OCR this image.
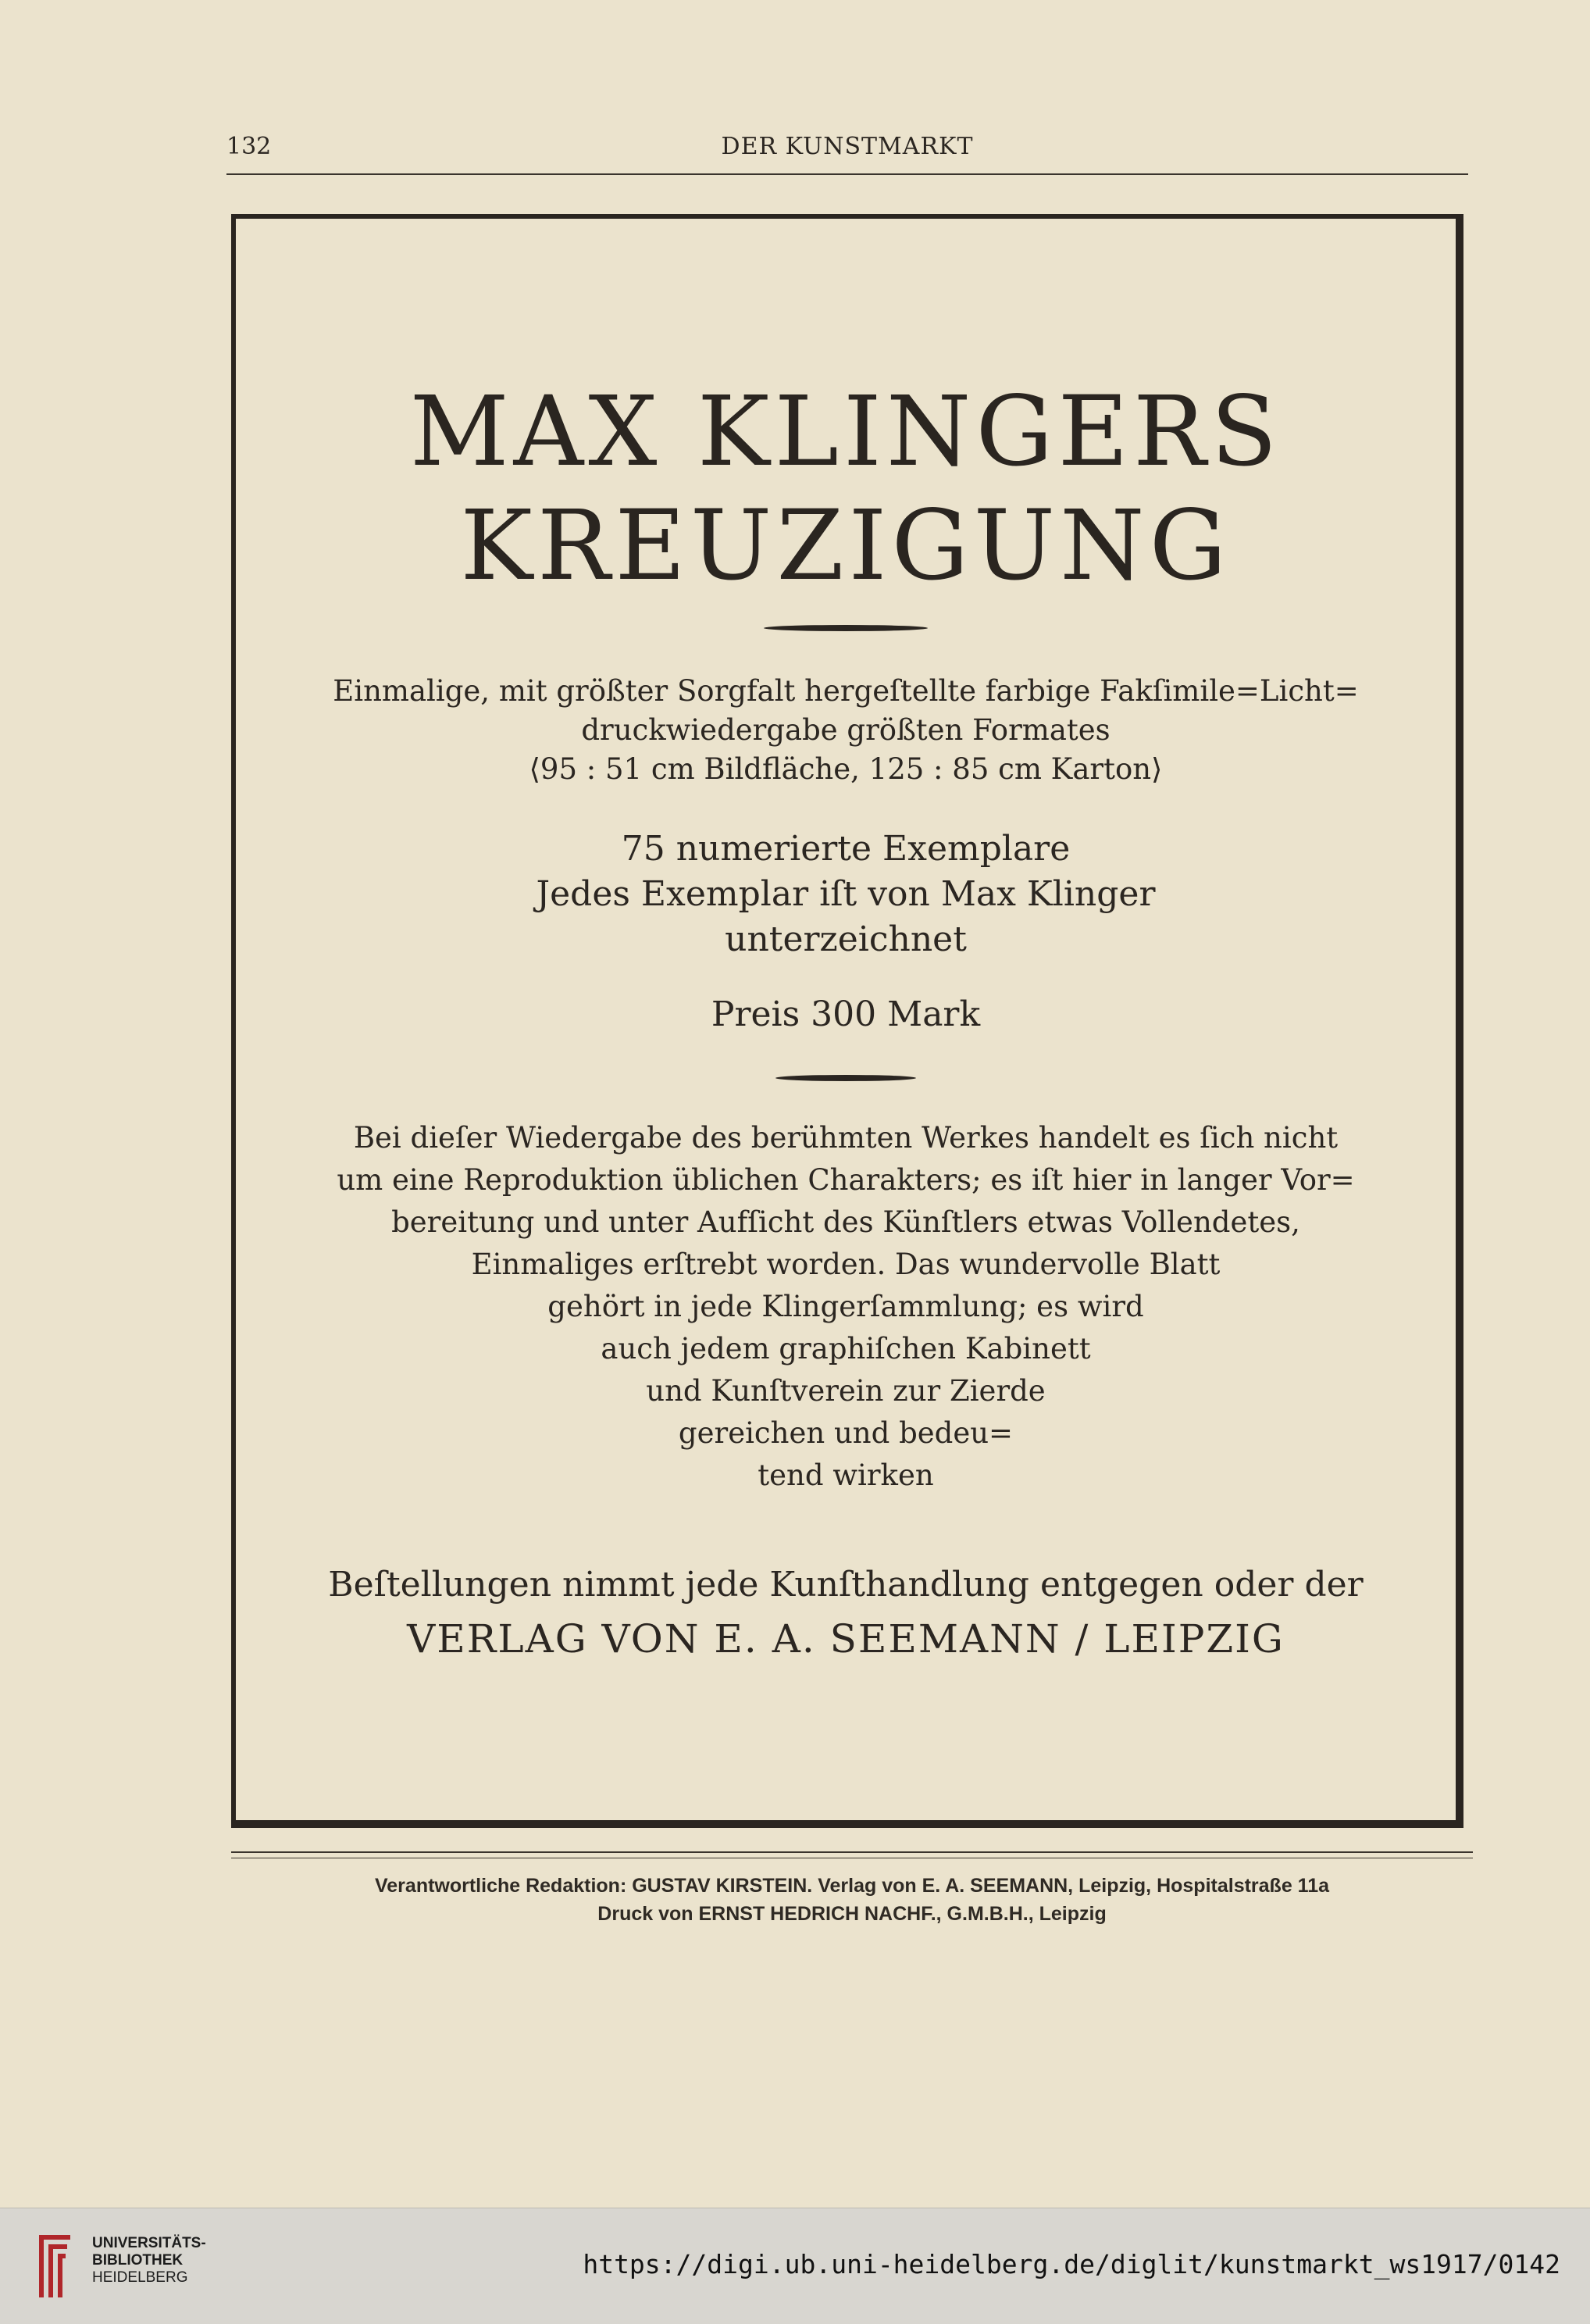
132	DER KUNSTMARKT
MAX KLINGERS
KREUZIGUNG
Einmalige, mit größter Sorgfalt hergeſtellte farbige Fakſimile=Licht=
druckwiedergabe größten Formates
⟨95 : 51 cm Bildfläche, 125 : 85 cm Karton⟩
75 numerierte Exemplare
Jedes Exemplar iſt von Max Klinger
unterzeichnet
Preis 300 Mark
Bei dieſer Wiedergabe des berühmten Werkes handelt es ſich nicht
um eine Reproduktion üblichen Charakters; es iſt hier in langer Vor=
bereitung und unter Aufſicht des Künſtlers etwas Vollendetes,
Einmaliges erſtrebt worden. Das wundervolle Blatt
gehört in jede Klingerſammlung; es wird
auch jedem graphiſchen Kabinett
und Kunſtverein zur Zierde
gereichen und bedeu=
tend wirken
Beſtellungen nimmt jede Kunſthandlung entgegen oder der
VERLAG VON E. A. SEEMANN / LEIPZIG
Verantwortliche Redaktion: GUSTAV KIRSTEIN. Verlag von E. A. SEEMANN, Leipzig, Hospitalstraße 11a
Druck von ERNST HEDRICH NACHF., G.M.B.H., Leipzig
UNIVERSITÄTS-
BIBLIOTHEK
HEIDELBERG	https://digi.ub.uni-heidelberg.de/diglit/kunstmarkt_ws1917/0142
